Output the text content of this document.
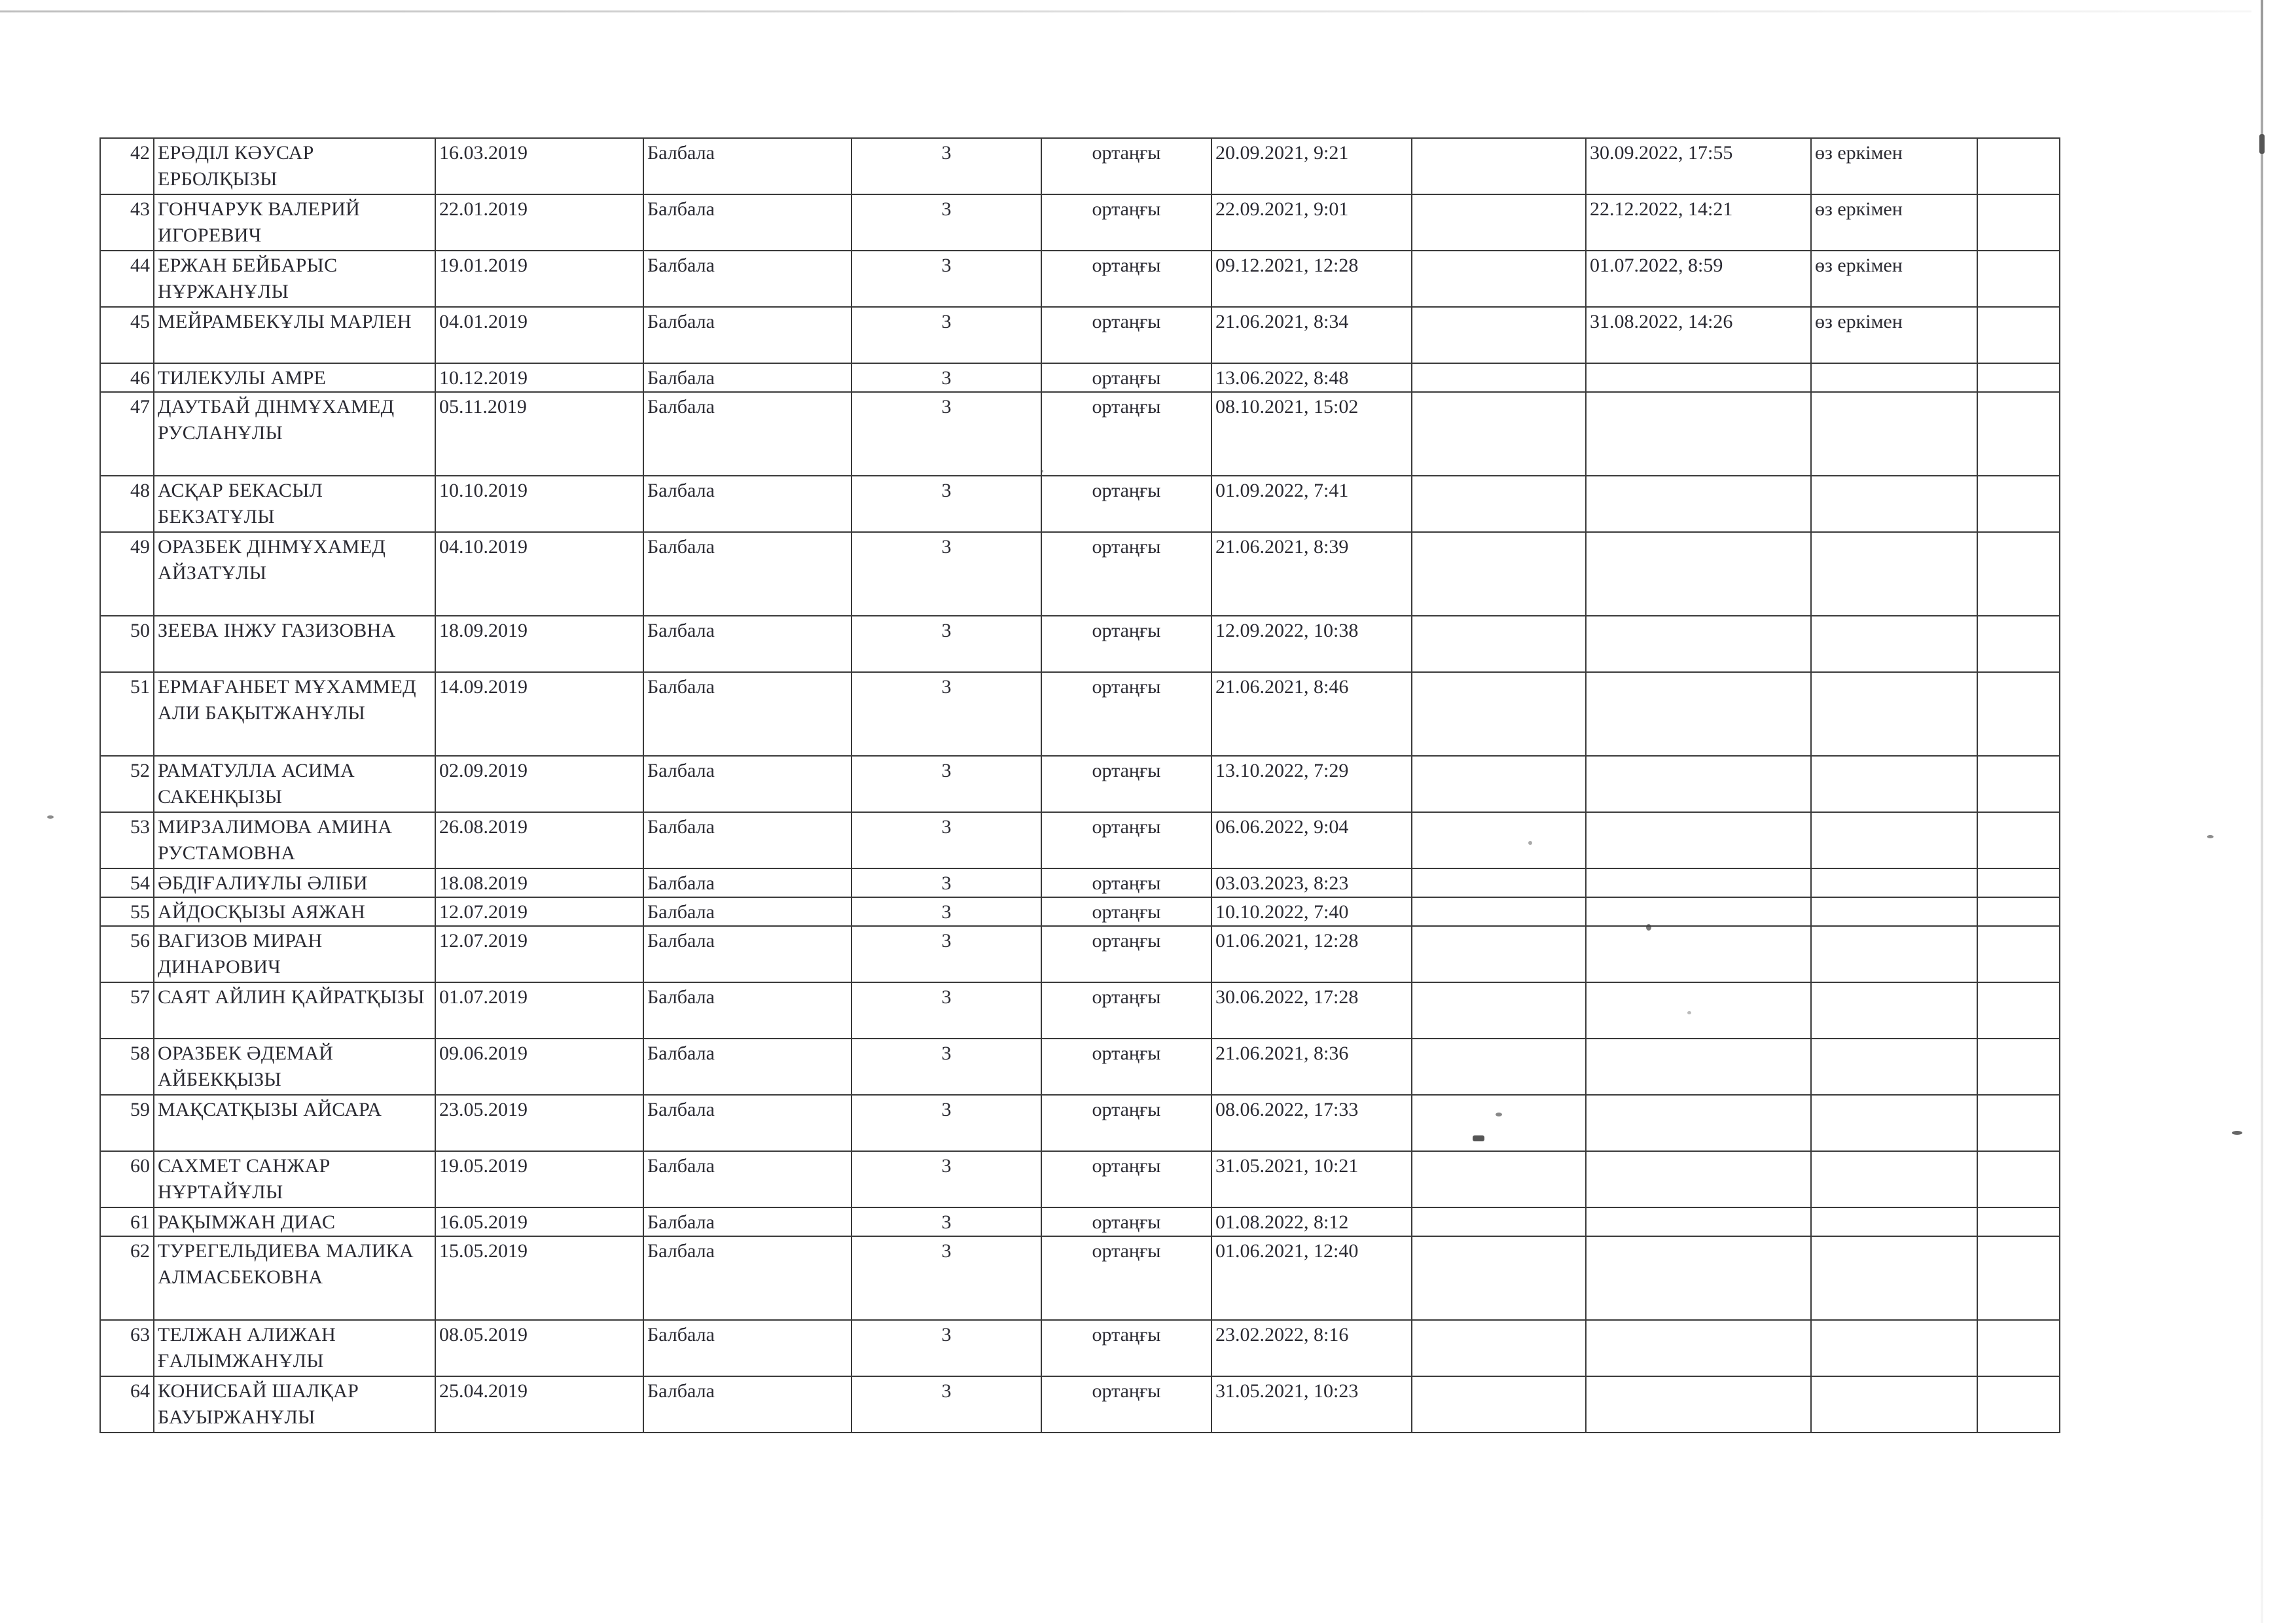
42	ЕРӘДІЛ КӘУСАР ЕРБОЛҚЫЗЫ	16.03.2019	Балбала	3	ортаңғы	20.09.2021, 9:21		30.09.2022, 17:55	өз еркімен	
43	ГОНЧАРУК ВАЛЕРИЙ ИГОРЕВИЧ	22.01.2019	Балбала	3	ортаңғы	22.09.2021, 9:01		22.12.2022, 14:21	өз еркімен	
44	ЕРЖАН БЕЙБАРЫС НҰРЖАНҰЛЫ	19.01.2019	Балбала	3	ортаңғы	09.12.2021, 12:28		01.07.2022, 8:59	өз еркімен	
45	МЕЙРАМБЕКҰЛЫ МАРЛЕН	04.01.2019	Балбала	3	ортаңғы	21.06.2021, 8:34		31.08.2022, 14:26	өз еркімен	
46	ТИЛЕКУЛЫ АМРЕ	10.12.2019	Балбала	3	ортаңғы	13.06.2022, 8:48				
47	ДАУТБАЙ ДІНМҰХАМЕД РУСЛАНҰЛЫ	05.11.2019	Балбала	3	ортаңғы	08.10.2021, 15:02				
48	АСҚАР БЕКАСЫЛ БЕКЗАТҰЛЫ	10.10.2019	Балбала	3	ортаңғы	01.09.2022, 7:41				
49	ОРАЗБЕК ДІНМҰХАМЕД АЙЗАТҰЛЫ	04.10.2019	Балбала	3	ортаңғы	21.06.2021, 8:39				
50	ЗЕЕВА ІНЖУ ГАЗИЗОВНА	18.09.2019	Балбала	3	ортаңғы	12.09.2022, 10:38				
51	ЕРМАҒАНБЕТ МҰХАММЕД АЛИ БАҚЫТЖАНҰЛЫ	14.09.2019	Балбала	3	ортаңғы	21.06.2021, 8:46				
52	РАМАТУЛЛА АСИМА САКЕНҚЫЗЫ	02.09.2019	Балбала	3	ортаңғы	13.10.2022, 7:29				
53	МИРЗАЛИМОВА АМИНА РУСТАМОВНА	26.08.2019	Балбала	3	ортаңғы	06.06.2022, 9:04				
54	ӘБДІҒАЛИҰЛЫ ӘЛІБИ	18.08.2019	Балбала	3	ортаңғы	03.03.2023, 8:23				
55	АЙДОСҚЫЗЫ АЯЖАН	12.07.2019	Балбала	3	ортаңғы	10.10.2022, 7:40				
56	ВАГИЗОВ МИРАН ДИНАРОВИЧ	12.07.2019	Балбала	3	ортаңғы	01.06.2021, 12:28				
57	САЯТ АЙЛИН ҚАЙРАТҚЫЗЫ	01.07.2019	Балбала	3	ортаңғы	30.06.2022, 17:28				
58	ОРАЗБЕК ӘДЕМАЙ АЙБЕКҚЫЗЫ	09.06.2019	Балбала	3	ортаңғы	21.06.2021, 8:36				
59	МАҚСАТҚЫЗЫ АЙСАРА	23.05.2019	Балбала	3	ортаңғы	08.06.2022, 17:33				
60	САХМЕТ САНЖАР НҰРТАЙҰЛЫ	19.05.2019	Балбала	3	ортаңғы	31.05.2021, 10:21				
61	РАҚЫМЖАН ДИАС	16.05.2019	Балбала	3	ортаңғы	01.08.2022, 8:12				
62	ТУРЕГЕЛЬДИЕВА МАЛИКА АЛМАСБЕКОВНА	15.05.2019	Балбала	3	ортаңғы	01.06.2021, 12:40				
63	ТЕЛЖАН АЛИЖАН ҒАЛЫМЖАНҰЛЫ	08.05.2019	Балбала	3	ортаңғы	23.02.2022, 8:16				
64	КОНИСБАЙ ШАЛҚАР БАУЫРЖАНҰЛЫ	25.04.2019	Балбала	3	ортаңғы	31.05.2021, 10:23				
